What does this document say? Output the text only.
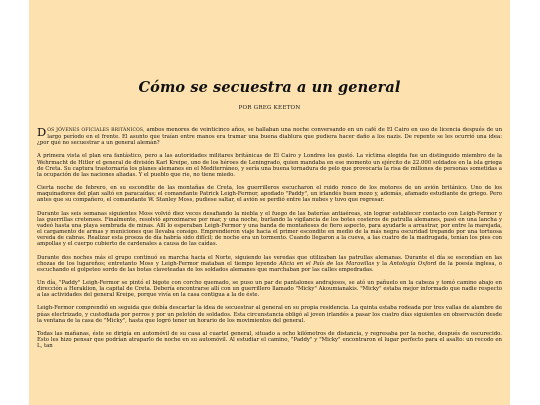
Cómo se secuestra a un general
POR GREG KEETON

DOS JÓVENES OFICIALES BRITÁNICOS, ambos menores de veinticinco años, se hallaban una noche conversando en un café de El Cairo en uso de licencia después de un largo período en el frente. El asunto que traían entre manos era tramar una buena diablura que pudiera hacer daño a los nazis. De repente se les ocurrió una idea: ¿por qué no secuestrar a un general alemán?

A primera vista el plan era fantástico, pero a las autoridades militares británicas de El Cairo y Londres les gustó. La víctima elegida fue un distinguido miembro de la Wehrmacht de Hitler el general de división Karl Kreipe, uno de los héroes de Leningrado, quien mandaba en ese momento un ejército de 22.000 soldados en la isla griega de Creta. Su captura trastornaría los planes alemanes en el Mediterráneo, y sería una buena tornadura de pelo que provocaría la risa de millones de personas sometidas a la ocupación de las naciones aliadas. Y el pueblo que rie, no tiene miedo.

Cierta noche de febrero, en su escondite de las montañas de Creta, los guerrilleros escucharon el ruido ronco de los motores de un avión británico. Uno de los maquinadores del plan saltó en paracaídas; el comandante Patrick Leigh-Fermor, apodado "Paddy", un irlandés buen mozo y, además, afamado estudiante de griego. Pero antes que su compañero, el comandante W. Stanley Moss, pudiese saltar, el avión se perdió entre las nubes y tuvo que regresar.

Durante las seis semanas siguientes Moss volvió diez veces desafiando la niebla y el fuego de las baterías antiaéreas, sin lograr establecer contacto con Leigh-Fermor y las guerrillas cretenses. Finalmente, resolvió aproximarse por mar, y una noche, burlando la vigilancia de los botes costeros de patrulla alemanes, pasó en una lancha y vadeó hasta una playa sembrada de minas. Allí lo esperaban Leigh-Fermor y una banda de montañeses de fiero aspecto, para ayudarle a arrastrar, por entre la marejada, el cargamento de armas y municiones que llevaba consigo. Emprendieron viaje hacia el primer escondite en medio de la más negra oscuridad trepando por una tortuosa vereda de cabras. Realizar esta proeza de día habría sido difícil; de noche era un tormento. Cuando llegaron a la cueva, a las cuatro de la madrugada, tenían los pies con ampollas y el cuerpo cubierto de cardenales a causa de las caídas.

Durante dos noches más el grupo continuó su marcha hacia el Norte, siguiendo las veredas que utilizaban las patrullas alemanas. Durante el día se escondían en las chozas de los lugareños; entretanto Moss y Leigh-Fermor mataban el tiempo leyendo Alicia en el País de las Maravillas y la Antología Oxford de la poesía inglesa, o escuchando el golpeteo sordo de las botas claveteadas de los soldados alemanes que marchaban por las calles empedradas.

Un día, "Paddy" Leigh-Fermor se pintó el bigote con corcho quemado, se puso un par de pantalones andrajosos, se ató un pañuelo en la cabeza y tomó camino abajo en dirección a Heraklion, la capital de Creta. Debería encontrarse allí con un guerrillero llamado "Micky" Akoumianakis. "Micky" estaba mejor informado que nadie respecto a las actividades del general Kreipe, porque vivía en la casa contigua a la de éste.

Leigh-Fermor comprendió en seguida que debía descartar la idea de secuestrar al general en su propia residencia. La quinta estaba rodeada por tres vallas de alambre de púas electrizado, y custodiada por perros y por un pelotón de soldados. Esta circunstancia obligó al joven irlandés a pasar los cuatro días siguientes en observación desde la ventana de la casa de "Micky", hasta que logró tener un horario de los movimientos del general.

Todas las mañanas, éste se dirigía en automóvil de su casa al cuartel general, situado a ocho kilómetros de distancia, y regresaba por la noche, después de oscurecido. Esto les hizo pensar que podrían atraparlo de noche en su automóvil. Al estudiar el camino, "Paddy" y "Micky" encontraron el lugar perfecto para el asalto: un recodo en L, tan
